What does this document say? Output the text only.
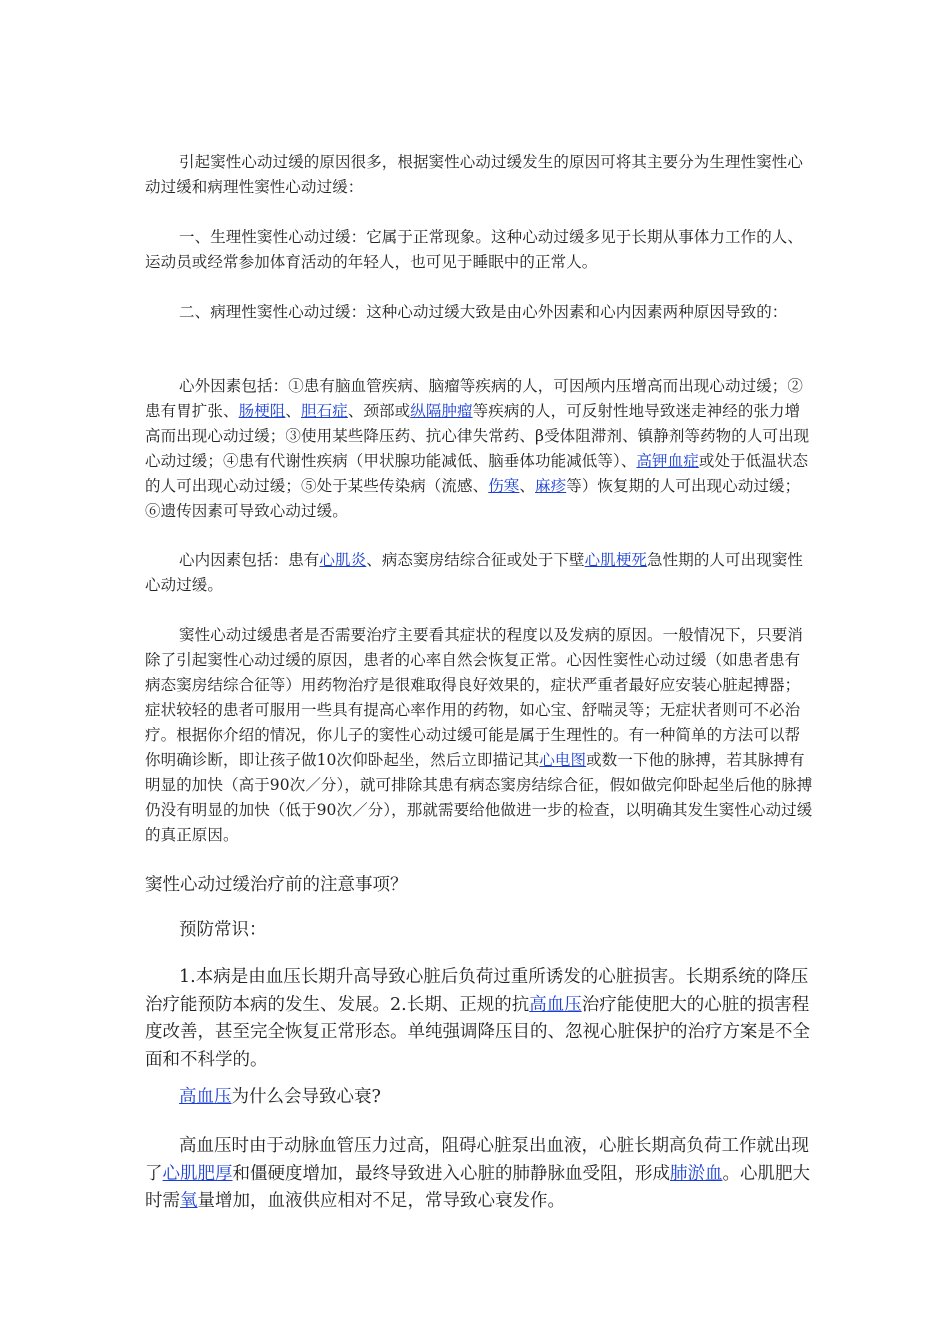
引起窦性心动过缓的原因很多，根据窦性心动过缓发生的原因可将其主要分为生理性窦性心动过缓和病理性窦性心动过缓：

一、生理性窦性心动过缓：它属于正常现象。这种心动过缓多见于长期从事体力工作的人、运动员或经常参加体育活动的年轻人，也可见于睡眠中的正常人。

二、病理性窦性心动过缓：这种心动过缓大致是由心外因素和心内因素两种原因导致的：

心外因素包括：①患有脑血管疾病、脑瘤等疾病的人，可因颅内压增高而出现心动过缓；②患有胃扩张、肠梗阻、胆石症、颈部或纵隔肿瘤等疾病的人，可反射性地导致迷走神经的张力增高而出现心动过缓；③使用某些降压药、抗心律失常药、β受体阻滞剂、镇静剂等药物的人可出现心动过缓；④患有代谢性疾病（甲状腺功能减低、脑垂体功能减低等）、高钾血症或处于低温状态的人可出现心动过缓；⑤处于某些传染病（流感、伤寒、麻疹等）恢复期的人可出现心动过缓；⑥遗传因素可导致心动过缓。

心内因素包括：患有心肌炎、病态窦房结综合征或处于下壁心肌梗死急性期的人可出现窦性心动过缓。

窦性心动过缓患者是否需要治疗主要看其症状的程度以及发病的原因。一般情况下，只要消除了引起窦性心动过缓的原因，患者的心率自然会恢复正常。心因性窦性心动过缓（如患者患有病态窦房结综合征等）用药物治疗是很难取得良好效果的，症状严重者最好应安装心脏起搏器；症状较轻的患者可服用一些具有提高心率作用的药物，如心宝、舒喘灵等；无症状者则可不必治疗。根据你介绍的情况，你儿子的窦性心动过缓可能是属于生理性的。有一种简单的方法可以帮你明确诊断，即让孩子做10次仰卧起坐，然后立即描记其心电图或数一下他的脉搏，若其脉搏有明显的加快（高于90次／分），就可排除其患有病态窦房结综合征，假如做完仰卧起坐后他的脉搏仍没有明显的加快（低于90次／分），那就需要给他做进一步的检查，以明确其发生窦性心动过缓的真正原因。

窦性心动过缓治疗前的注意事项？

预防常识：

1.本病是由血压长期升高导致心脏后负荷过重所诱发的心脏损害。长期系统的降压治疗能预防本病的发生、发展。2.长期、正规的抗高血压治疗能使肥大的心脏的损害程度改善，甚至完全恢复正常形态。单纯强调降压目的、忽视心脏保护的治疗方案是不全面和不科学的。

高血压为什么会导致心衰?

高血压时由于动脉血管压力过高，阻碍心脏泵出血液，心脏长期高负荷工作就出现了心肌肥厚和僵硬度增加，最终导致进入心脏的肺静脉血受阻，形成肺淤血。心肌肥大时需氧量增加，血液供应相对不足，常导致心衰发作。
